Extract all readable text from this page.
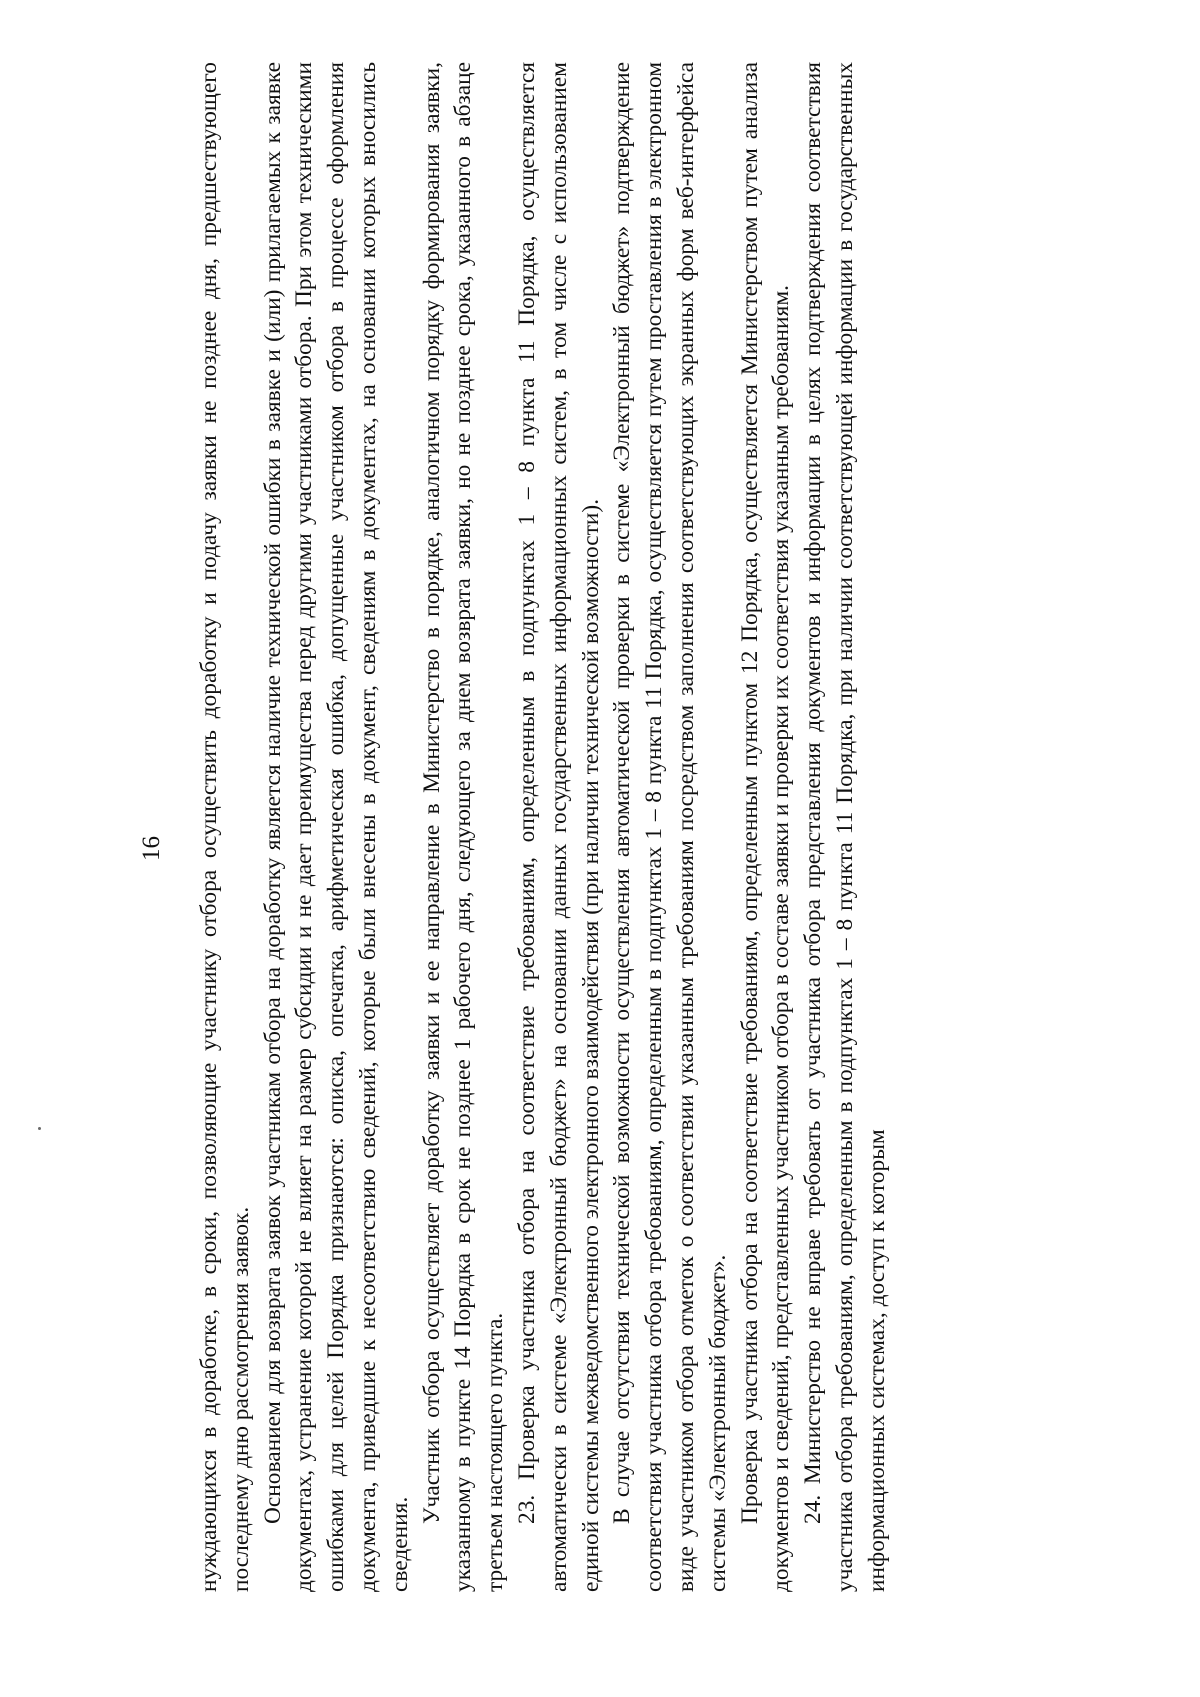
16 нуждающихся в доработке, в сроки, позволяющие участнику отбора осуществить доработку и подачу заявки не позднее дня, предшествующего последнему дню рассмотрения заявок. Основанием для возврата заявок участникам отбора на доработку является наличие технической ошибки в заявке и (или) прилагаемых к заявке документах, устранение которой не влияет на размер субсидии и не дает преимущества перед другими участниками отбора. При этом техническими ошибками для целей Порядка признаются: описка, опечатка, арифметическая ошибка, допущенные участником отбора в процессе оформления документа, приведшие к несоответствию сведений, которые были внесены в документ, сведениям в документах, на основании которых вносились сведения.

Участник отбора осуществляет доработку заявки и ее направление в Министерство в порядке, аналогичном порядку формирования заявки, указанному в пункте 14 Порядка в срок не позднее 1 рабочего дня, следующего за днем возврата заявки, но не позднее срока, указанного в абзаце третьем настоящего пункта. 23. Проверка участника отбора на соответствие требованиям, определенным в подпунктах 1 – 8 пункта 11 Порядка, осуществляется автоматически в системе «Электронный бюджет» на основании данных государственных информационных систем, в том числе с использованием единой системы межведомственного электронного взаимодействия (при наличии технической возможности). В случае отсутствия технической возможности осуществления автоматической проверки в системе «Электронный бюджет» подтверждение соответствия участника отбора требованиям, определенным в подпунктах 1 – 8 пункта 11 Порядка, осуществляется путем проставления в электронном виде участником отбора отметок о соответствии указанным требованиям посредством заполнения соответствующих экранных форм веб-интерфейса системы «Электронный бюджет». Проверка участника отбора на соответствие требованиям, определенным пунктом 12 Порядка, осуществляется Министерством путем анализа документов и сведений, представленных участником отбора в составе заявки и проверки их соответствия указанным требованиям. 24. Министерство не вправе требовать от участника отбора представления документов и информации в целях подтверждения соответствия участника отбора требованиям, определенным в подпунктах 1 – 8 пункта 11 Порядка, при наличии соответствующей информации в государственных информационных системах, доступ к которым
